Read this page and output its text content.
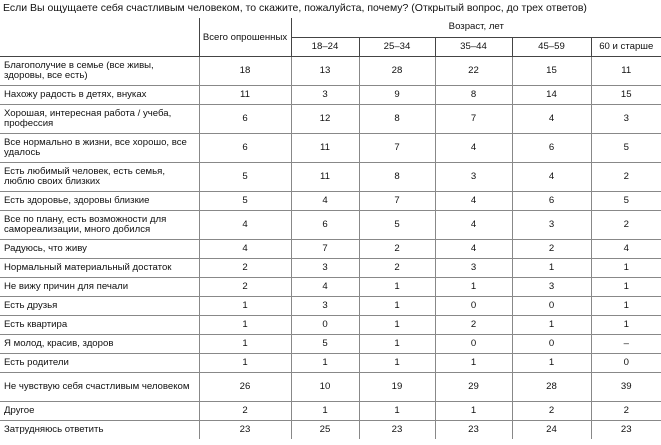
Если Вы ощущаете себя счастливым человеком, то скажите, пожалуйста, почему? (Открытый вопрос, до трех ответов)
	Всего опрошенных	Возраст, лет				
		18–24	25–34	35–44	45–59	60 и старше
Благополучие в семье (все живы, здоровы, все есть)	18	13	28	22	15	11
Нахожу радость в детях, внуках	11	3	9	8	14	15
Хорошая, интересная работа / учеба, профессия	6	12	8	7	4	3
Все нормально в жизни, все хорошо, все удалось	6	11	7	4	6	5
Есть любимый человек, есть семья, люблю своих близких	5	11	8	3	4	2
Есть здоровье, здоровы близкие	5	4	7	4	6	5
Все по плану, есть возможности для самореализации, много добился	4	6	5	4	3	2
Радуюсь, что живу	4	7	2	4	2	4
Нормальный материальный достаток	2	3	2	3	1	1
Не вижу причин для печали	2	4	1	1	3	1
Есть друзья	1	3	1	0	0	1
Есть квартира	1	0	1	2	1	1
Я молод, красив, здоров	1	5	1	0	0	–
Есть родители	1	1	1	1	1	0
Не чувствую себя счастливым человеком	26	10	19	29	28	39
Другое	2	1	1	1	2	2
Затрудняюсь ответить	23	25	23	23	24	23
